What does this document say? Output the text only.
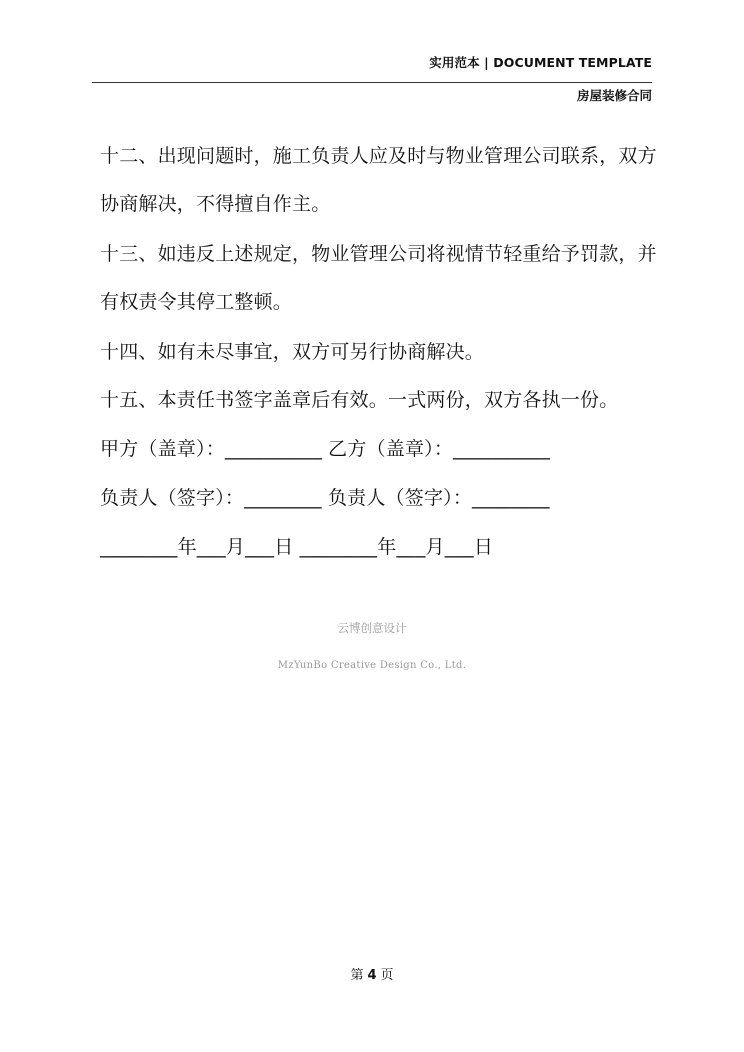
实用范本 | DOCUMENT TEMPLATE
房屋装修合同
十二、出现问题时，施工负责人应及时与物业管理公司联系，双方
协商解决，不得擅自作主。
十三、如违反上述规定，物业管理公司将视情节轻重给予罚款，并
有权责令其停工整顿。
十四、如有未尽事宜，双方可另行协商解决。
十五、本责任书签字盖章后有效。一式两份，双方各执一份。
甲方（盖章）：__________ 乙方（盖章）：__________
负责人（签字）：________ 负责人（签字）：________
________年___月___日 ________年___月___日
云博创意设计
MzYunBo Creative Design Co., Ltd.
第 4 页
